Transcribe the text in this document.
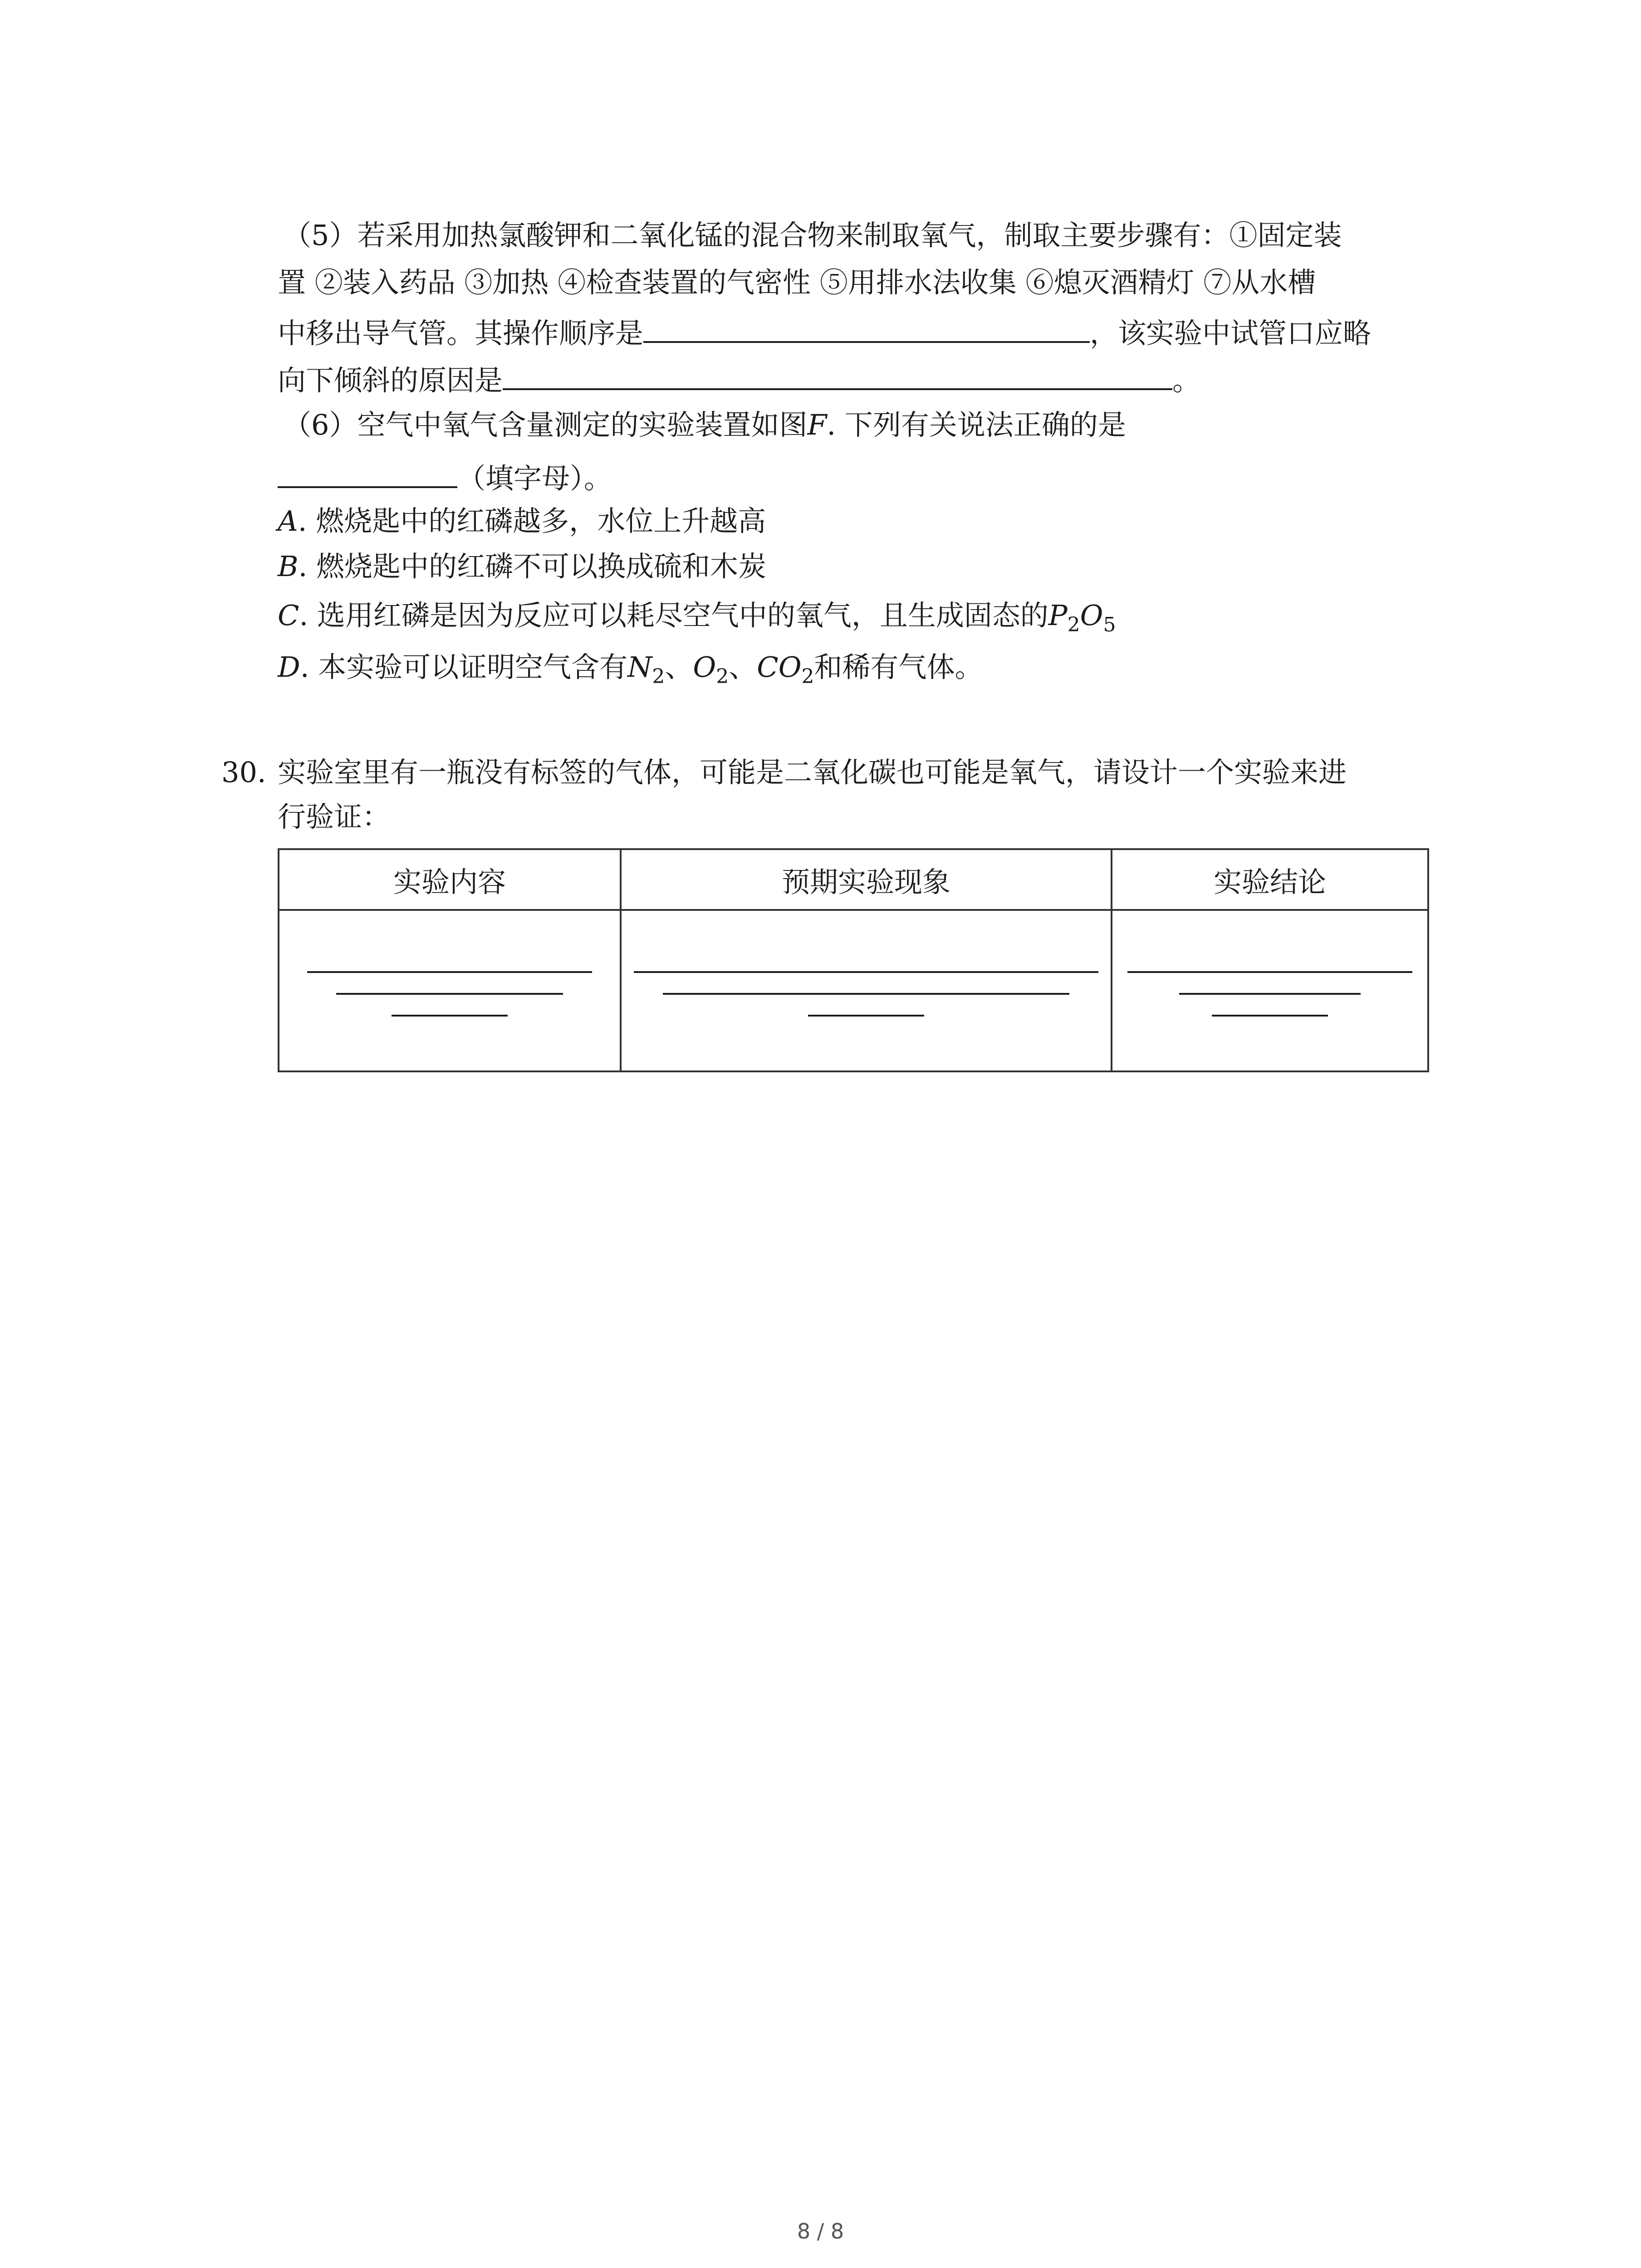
（5）若采用加热氯酸钾和二氧化锰的混合物来制取氧气，制取主要步骤有：①固定装
置 ②装入药品 ③加热 ④检查装置的气密性 ⑤用排水法收集 ⑥熄灭酒精灯 ⑦从水槽
中移出导气管。其操作顺序是	，该实验中试管口应略
向下倾斜的原因是	。
（6）空气中氧气含量测定的实验装置如图F. 下列有关说法正确的是
（填字母）。
A. 燃烧匙中的红磷越多，水位上升越高
B. 燃烧匙中的红磷不可以换成硫和木炭
C. 选用红磷是因为反应可以耗尽空气中的氧气，且生成固态的$P_2O_5$
D. 本实验可以证明空气含有$N_2$、$O_2$、$CO_2$和稀有气体。
30. 实验室里有一瓶没有标签的气体，可能是二氧化碳也可能是氧气，请设计一个实验来进
行验证：
实验内容	预期实验现象	实验结论

8 / 8
